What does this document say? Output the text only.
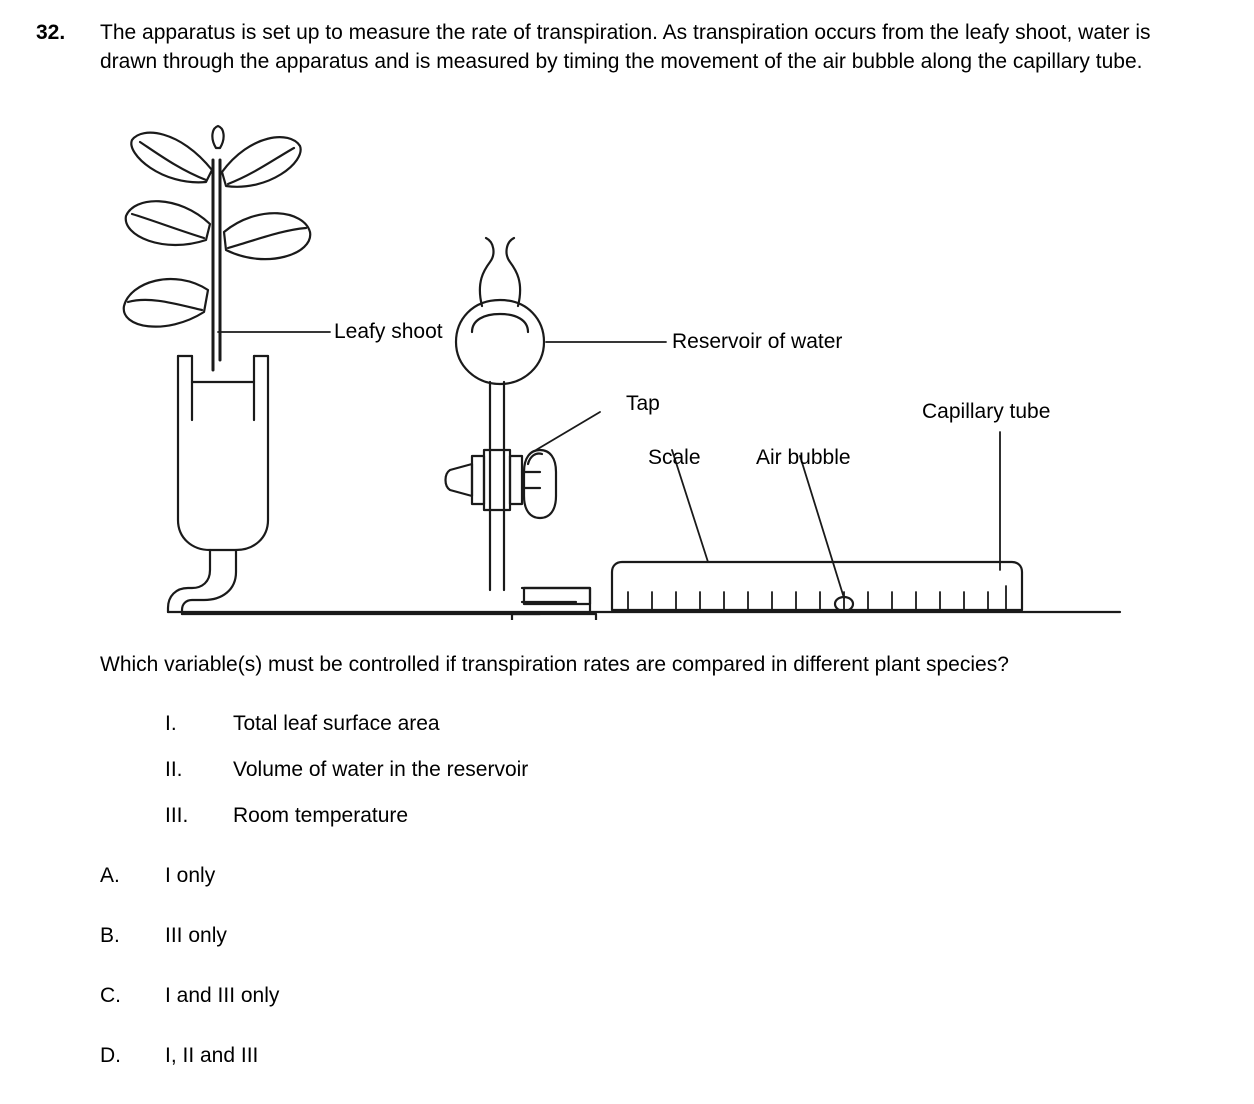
32. The apparatus is set up to measure the rate of transpiration. As transpiration occurs from the leafy shoot, water is drawn through the apparatus and is measured by timing the movement of the air bubble along the capillary tube.
Leafy shoot	Reservoir of water
Tap
Scale	Air bubble
Capillary tube
Which variable(s) must be controlled if transpiration rates are compared in different plant species?
I.	Total leaf surface area
II.	Volume of water in the reservoir
III.	Room temperature
A.	I only
B.	III only
C.	I and III only
D.	I, II and III
